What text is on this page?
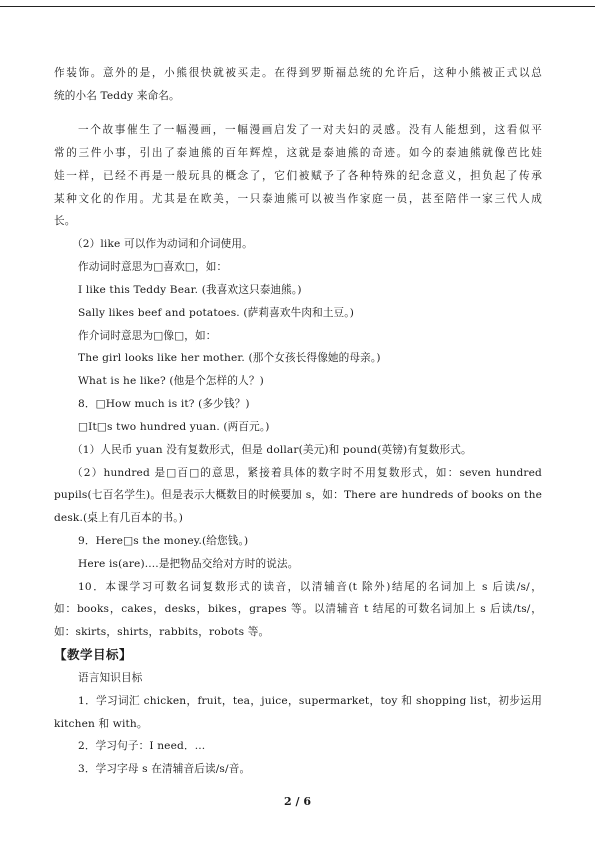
作装饰。意外的是，小熊很快就被买走。在得到罗斯福总统的允许后，这种小熊被正式以总
统的小名 Teddy 来命名。
一个故事催生了一幅漫画，一幅漫画启发了一对夫妇的灵感。没有人能想到，这看似平
常的三件小事，引出了泰迪熊的百年辉煌，这就是泰迪熊的奇迹。如今的泰迪熊就像芭比娃
娃一样，已经不再是一般玩具的概念了，它们被赋予了各种特殊的纪念意义，担负起了传承
某种文化的作用。尤其是在欧美，一只泰迪熊可以被当作家庭一员，甚至陪伴一家三代人成
长。
（2）like 可以作为动词和介词使用。
作动词时意思为□喜欢□，如：
I like this Teddy Bear. (我喜欢这只泰迪熊。)
Sally likes beef and potatoes. (萨莉喜欢牛肉和土豆。)
作介词时意思为□像□，如：
The girl looks like her mother. (那个女孩长得像她的母亲。)
What is he like? (他是个怎样的人？)
8．□How much is it? (多少钱？)
□It□s two hundred yuan. (两百元。)
（1）人民币 yuan 没有复数形式，但是 dollar(美元)和 pound(英镑)有复数形式。
（2）hundred 是□百□的意思，紧接着具体的数字时不用复数形式，如：seven hundred
pupils(七百名学生)。但是表示大概数目的时候要加 s，如：There are hundreds of books on the
desk.(桌上有几百本的书。)
9．Here□s the money.(给您钱。)
Here is(are)....是把物品交给对方时的说法。
10．本课学习可数名词复数形式的读音，以清辅音(t 除外)结尾的名词加上 s 后读/s/，
如：books，cakes，desks，bikes，grapes 等。以清辅音 t 结尾的可数名词加上 s 后读/ts/，
如：skirts，shirts，rabbits，robots 等。
【教学目标】
语言知识目标
1．学习词汇 chicken，fruit，tea，juice，supermarket，toy 和 shopping list，初步运用
kitchen 和 with。
2．学习句子：I need．...
3．学习字母 s 在清辅音后读/s/音。
2 / 6
